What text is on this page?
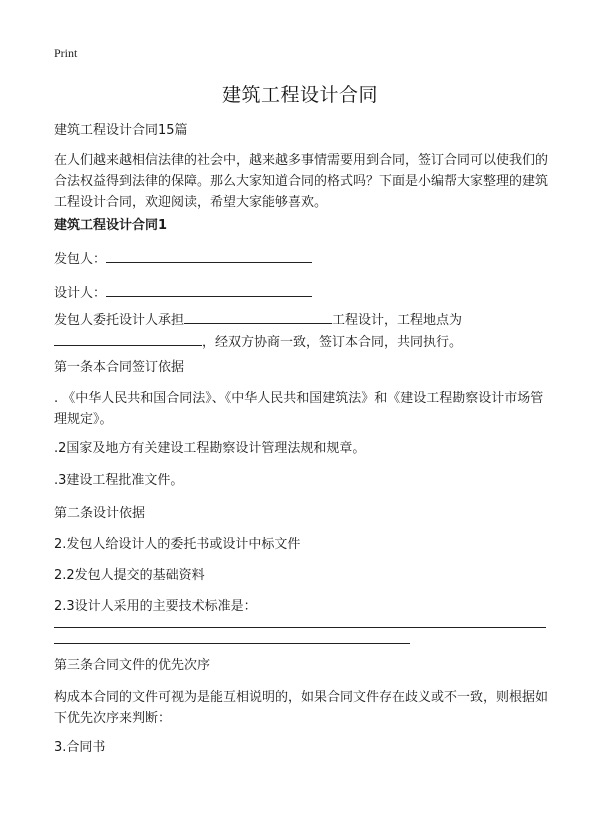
Print
建筑工程设计合同
建筑工程设计合同15篇
在人们越来越相信法律的社会中，越来越多事情需要用到合同，签订合同可以使我们的合法权益得到法律的保障。那么大家知道合同的格式吗？下面是小编帮大家整理的建筑工程设计合同，欢迎阅读，希望大家能够喜欢。
建筑工程设计合同1
发包人：
设计人：
发包人委托设计人承担	工程设计，工程地点为
，经双方协商一致，签订本合同，共同执行。
第一条本合同签订依据
. 《中华人民共和国合同法》、《中华人民共和国建筑法》和《建设工程勘察设计市场管理规定》。
.2国家及地方有关建设工程勘察设计管理法规和规章。
.3建设工程批准文件。
第二条设计依据
2.发包人给设计人的委托书或设计中标文件
2.2发包人提交的基础资料
2.3设计人采用的主要技术标准是：
第三条合同文件的优先次序
构成本合同的文件可视为是能互相说明的，如果合同文件存在歧义或不一致，则根据如下优先次序来判断：
3.合同书
